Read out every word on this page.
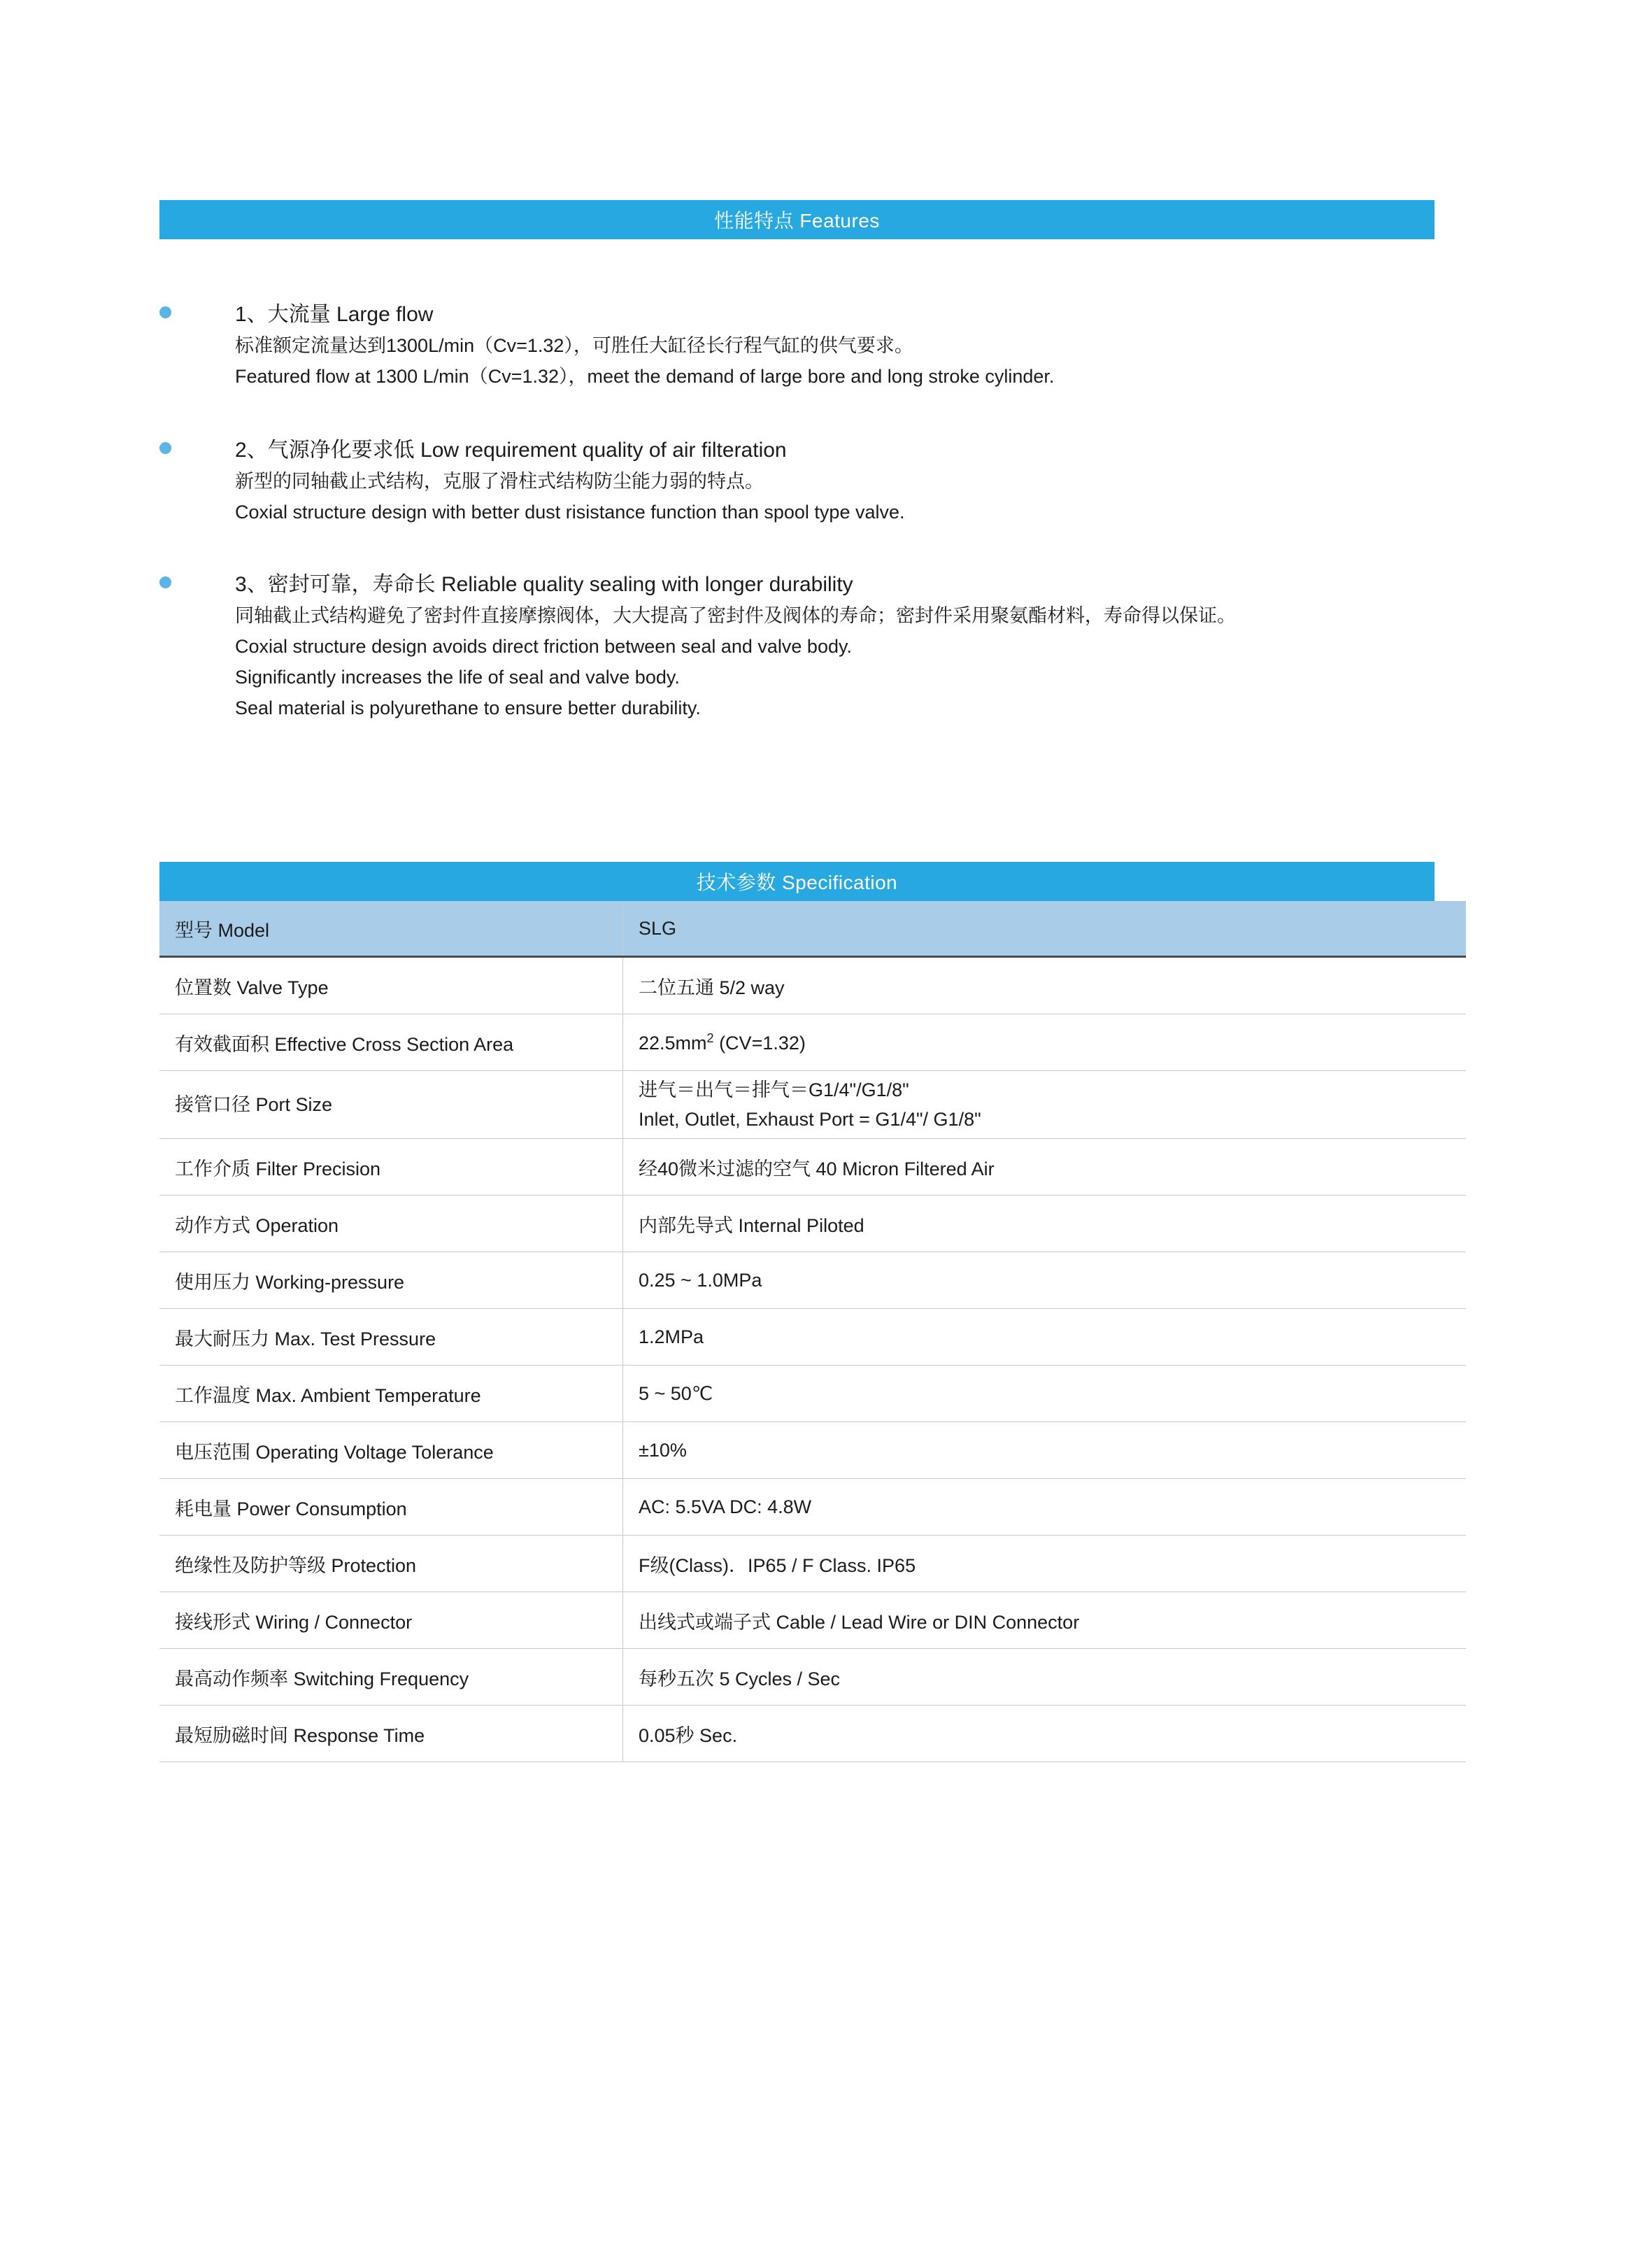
性能特点 Features
1、大流量 Large flow
标准额定流量达到1300L/min（Cv=1.32），可胜任大缸径长行程气缸的供气要求。
Featured flow at 1300 L/min（Cv=1.32），meet the demand of large bore and long stroke cylinder.
2、气源净化要求低 Low requirement quality of air filteration
新型的同轴截止式结构，克服了滑柱式结构防尘能力弱的特点。
Coxial structure design with better dust risistance function than spool type valve.
3、密封可靠，寿命长 Reliable quality sealing with longer durability
同轴截止式结构避免了密封件直接摩擦阀体，大大提高了密封件及阀体的寿命；密封件采用聚氨酯材料，寿命得以保证。
Coxial structure design avoids direct friction between seal and valve body.
Significantly increases the life of seal and valve body.
Seal material is polyurethane to ensure better durability.
技术参数 Specification
型号 Model	SLG
位置数 Valve Type	二位五通 5/2 way
有效截面积 Effective Cross Section Area	$22.5mm^2$ (CV=1.32)
接管口径 Port Size	进气＝出气＝排气＝G1/4"/G1/8"
Inlet, Outlet, Exhaust Port = G1/4"/ G1/8"

工作介质 Filter Precision	经40微米过滤的空气 40 Micron Filtered Air
动作方式 Operation	内部先导式 Internal Piloted
使用压力 Working-pressure	0.25 ~ 1.0MPa
最大耐压力 Max. Test Pressure	1.2MPa
工作温度 Max. Ambient Temperature	5 ~ 50℃
电压范围 Operating Voltage Tolerance	±10%
耗电量 Power Consumption	AC: 5.5VA DC: 4.8W
绝缘性及防护等级 Protection	F级(Class)．IP65 / F Class. IP65
接线形式 Wiring / Connector	出线式或端子式 Cable / Lead Wire or DIN Connector
最高动作频率 Switching Frequency	每秒五次 5 Cycles / Sec
最短励磁时间 Response Time	0.05秒 Sec.
